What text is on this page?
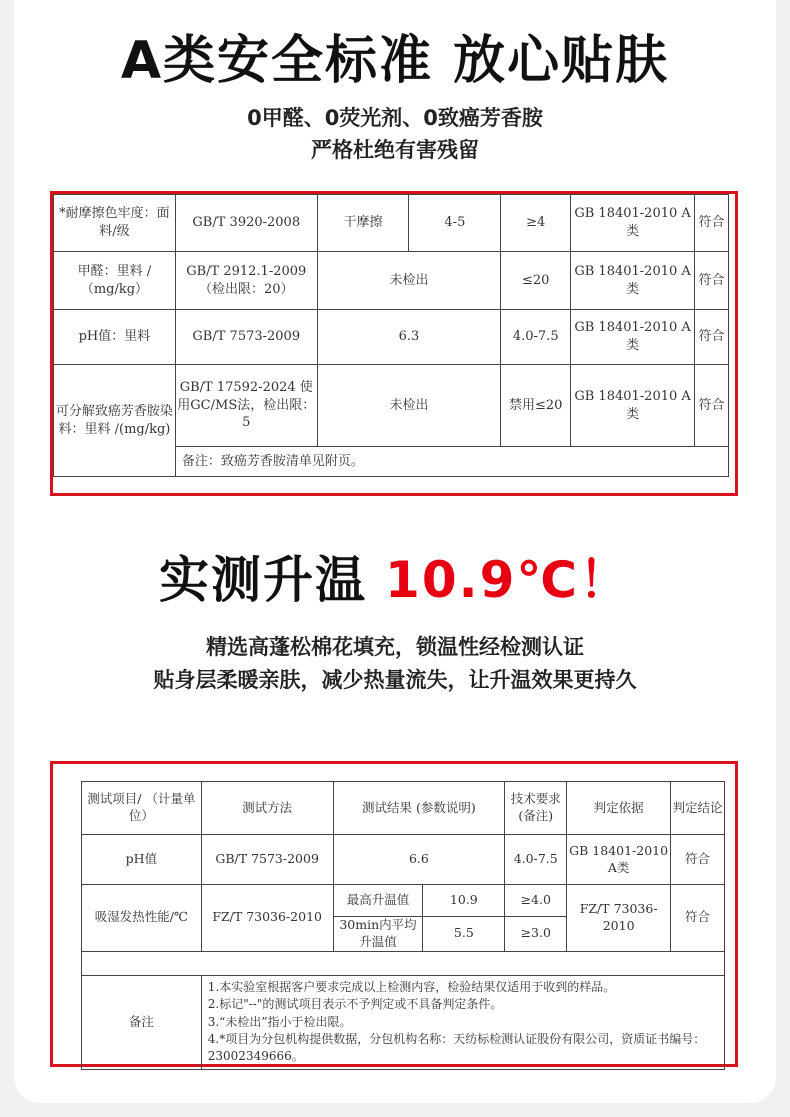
A类安全标准 放心贴肤
0甲醛、0荧光剂、0致癌芳香胺
严格杜绝有害残留
*耐摩擦色牢度：面料/级	GB/T 3920-2008	干摩擦	4-5	≥4	GB 18401-2010 A类	符合
甲醛：里料 /（mg/kg）	GB/T 2912.1-2009 （检出限：20）	未检出		≤20	GB 18401-2010 A类	符合
pH值：里料	GB/T 7573-2009	6.3		4.0-7.5	GB 18401-2010 A类	符合
可分解致癌芳香胺染料：里料 /(mg/kg)	GB/T 17592-2024 使用GC/MS法，检出限：5	未检出		禁用≤20	GB 18401-2010 A类	符合
	备注：致癌芳香胺清单见附页。					
实测升温 10.9℃！
精选高蓬松棉花填充，锁温性经检测认证
贴身层柔暖亲肤，减少热量流失，让升温效果更持久
测试项目/ （计量单位）	测试方法	测试结果 (参数说明)		技术要求 (备注)	判定依据	判定结论
pH值	GB/T 7573-2009	6.6		4.0-7.5	GB 18401-2010 A类	符合
吸湿发热性能/℃	FZ/T 73036-2010	最高升温值	10.9	≥4.0	FZ/T 73036-2010	符合
		30min内平均升温值	5.5	≥3.0		

备注	1.本实验室根据客户要求完成以上检测内容，检验结果仅适用于收到的样品。

2.标记"--"的测试项目表示不予判定或不具备判定条件。

3.“未检出”指小于检出限。

4.*项目为分包机构提供数据，分包机构名称：天纺标检测认证股份有限公司，资质证书编号：23002349666。					
